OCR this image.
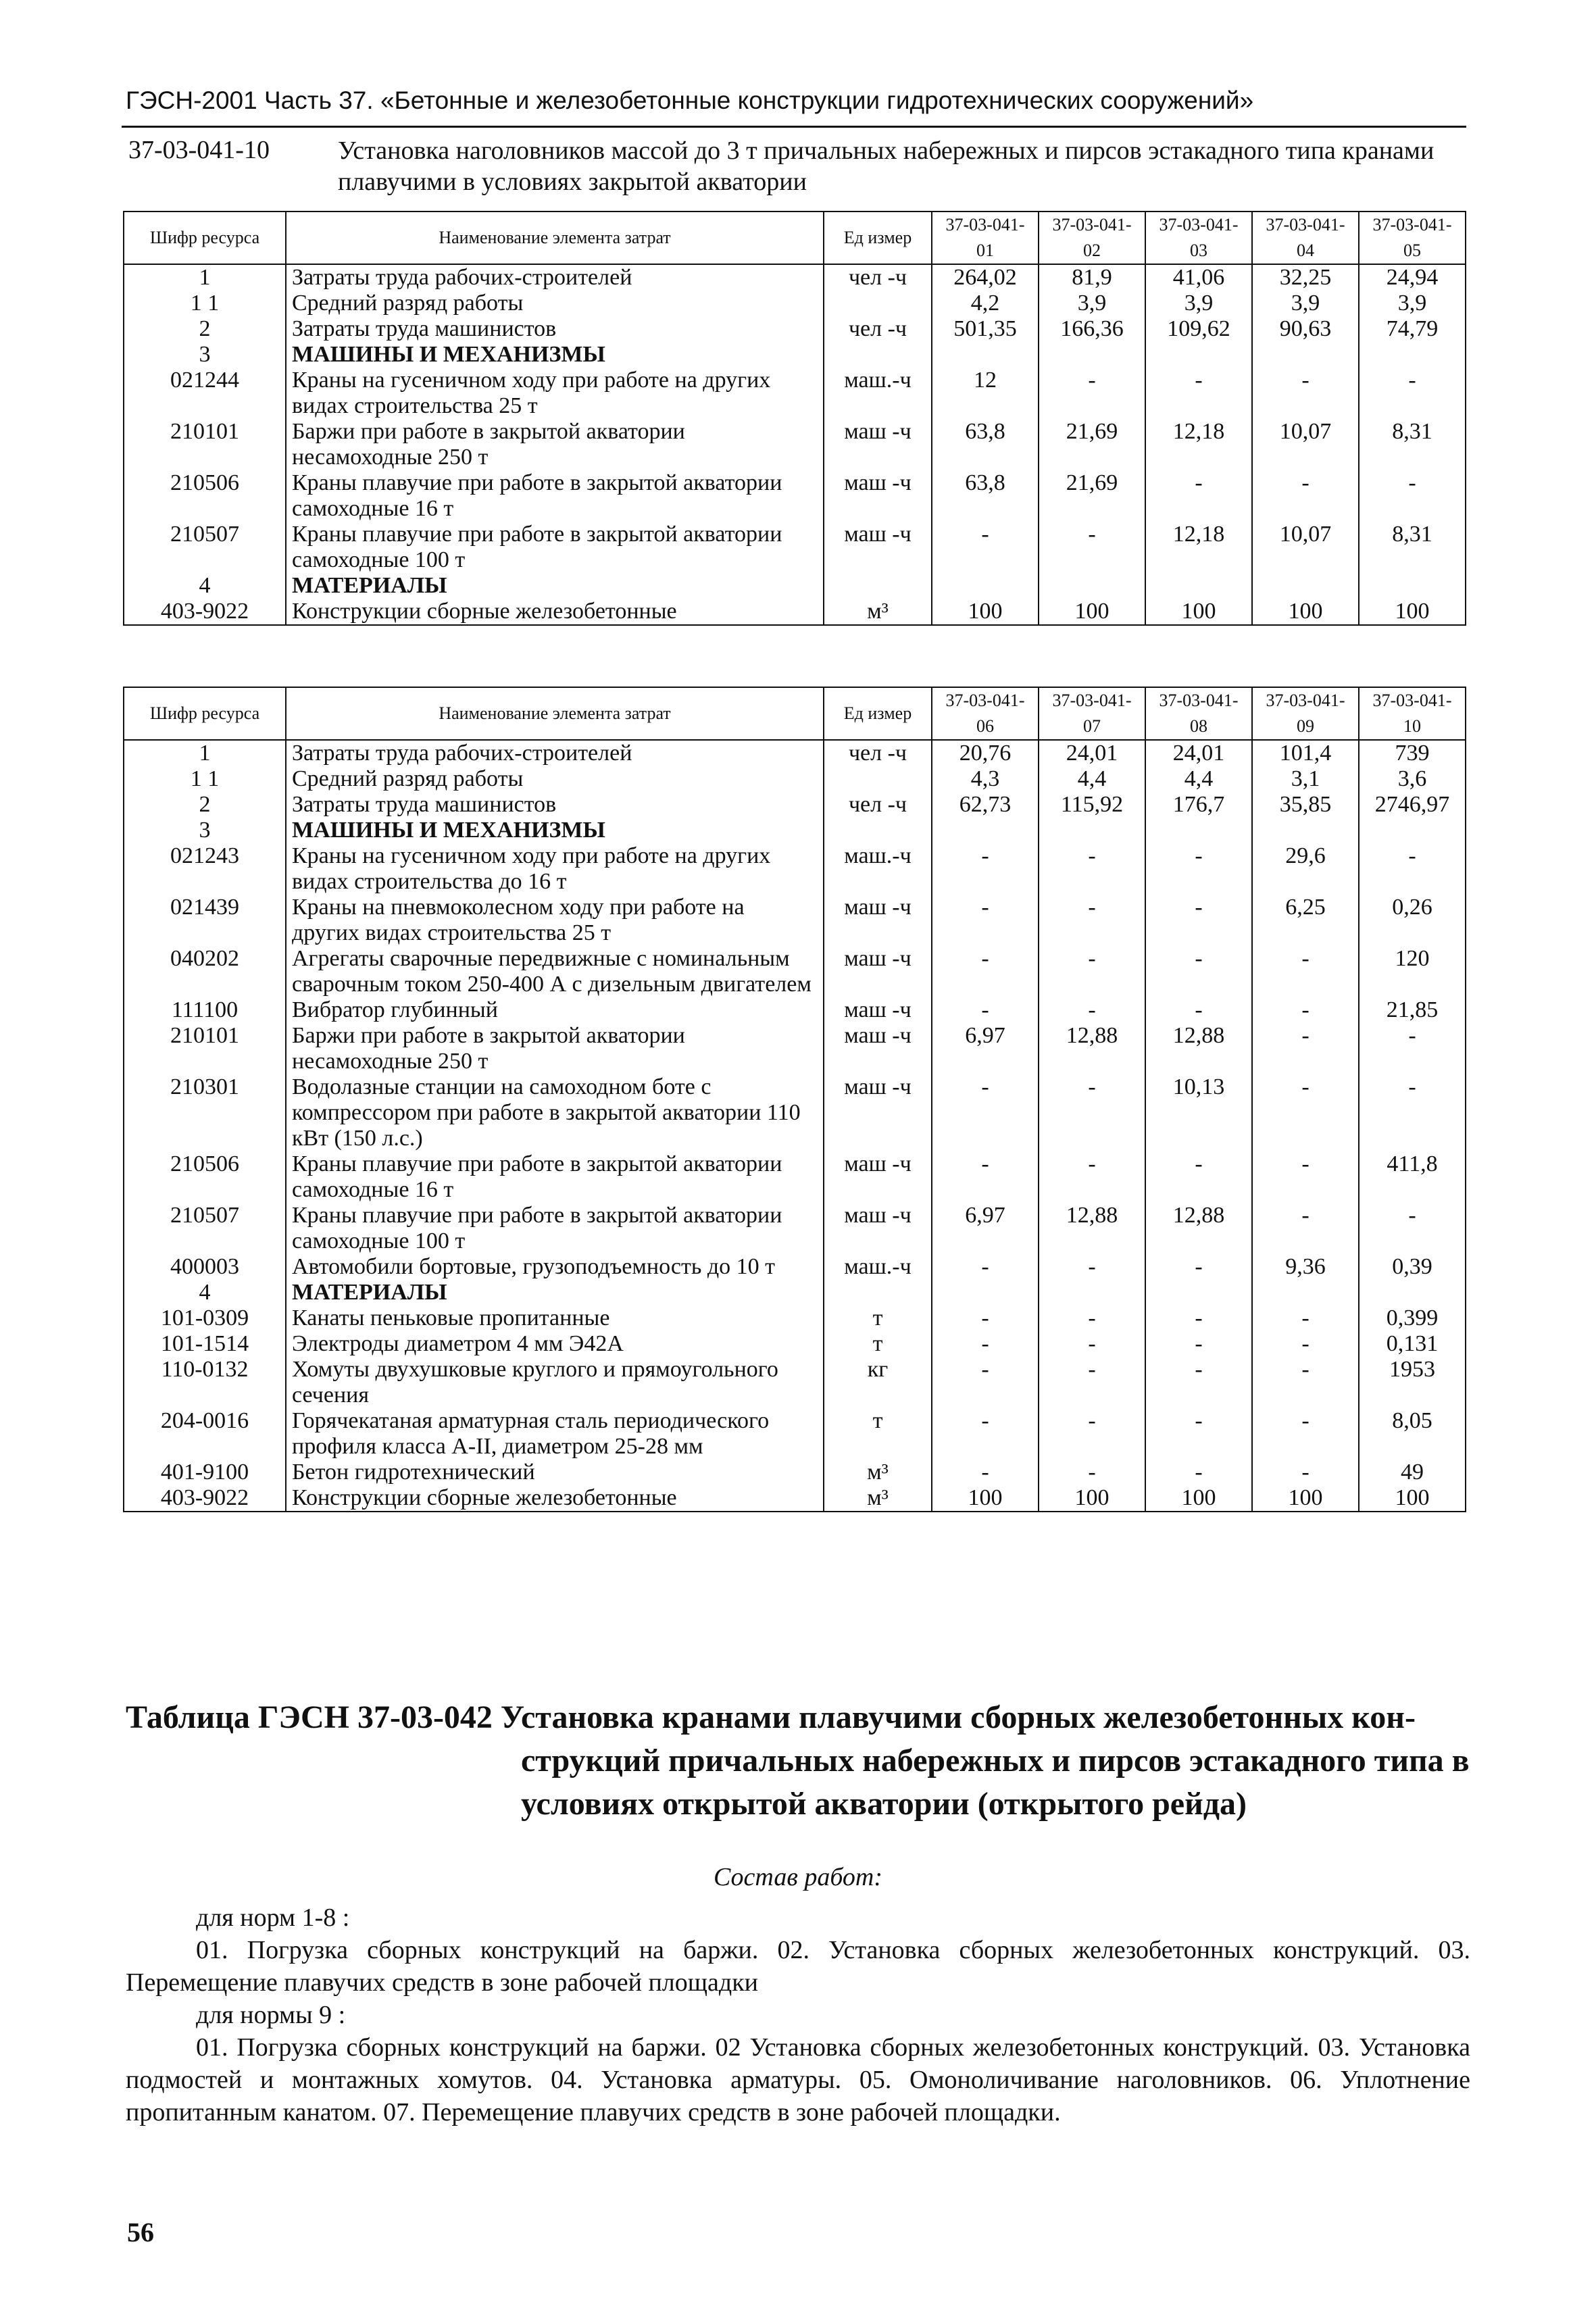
ГЭСН-2001 Часть 37. «Бетонные и железобетонные конструкции гидротехнических сооружений»
37-03-041-10	Установка наголовников массой до 3 т причальных набережных и пирсов эстакадного типа кранами плавучими в условиях закрытой акватории
Шифр ресурса	Наименование элемента затрат	Ед измер	37-03-041-01	37-03-041-02	37-03-041-03	37-03-041-04	37-03-041-05
1	Затраты труда рабочих-строителей	чел -ч	264,02	81,9	41,06	32,25	24,94
1 1	Средний разряд работы		4,2	3,9	3,9	3,9	3,9
2	Затраты труда машинистов	чел -ч	501,35	166,36	109,62	90,63	74,79
3	МАШИНЫ И МЕХАНИЗМЫ						
021244	Краны на гусеничном ходу при работе на других видах строительства 25 т	маш.-ч	12	-	-	-	-
210101	Баржи при работе в закрытой акватории несамоходные 250 т	маш -ч	63,8	21,69	12,18	10,07	8,31
210506	Краны плавучие при работе в закрытой акватории самоходные 16 т	маш -ч	63,8	21,69	-	-	-
210507	Краны плавучие при работе в закрытой акватории самоходные 100 т	маш -ч	-	-	12,18	10,07	8,31
4	МАТЕРИАЛЫ						
403-9022	Конструкции сборные железобетонные	м³	100	100	100	100	100
Шифр ресурса	Наименование элемента затрат	Ед измер	37-03-041-06	37-03-041-07	37-03-041-08	37-03-041-09	37-03-041-10
1	Затраты труда рабочих-строителей	чел -ч	20,76	24,01	24,01	101,4	739
1 1	Средний разряд работы		4,3	4,4	4,4	3,1	3,6
2	Затраты труда машинистов	чел -ч	62,73	115,92	176,7	35,85	2746,97
3	МАШИНЫ И МЕХАНИЗМЫ						
021243	Краны на гусеничном ходу при работе на других видах строительства до 16 т	маш.-ч	-	-	-	29,6	-
021439	Краны на пневмоколесном ходу при работе на других видах строительства 25 т	маш -ч	-	-	-	6,25	0,26
040202	Агрегаты сварочные передвижные с номинальным сварочным током 250-400 А с дизельным двигателем	маш -ч	-	-	-	-	120
111100	Вибратор глубинный	маш -ч	-	-	-	-	21,85
210101	Баржи при работе в закрытой акватории несамоходные 250 т	маш -ч	6,97	12,88	12,88	-	-
210301	Водолазные станции на самоходном боте с компрессором при работе в закрытой акватории 110 кВт (150 л.с.)	маш -ч	-	-	10,13	-	-
210506	Краны плавучие при работе в закрытой акватории самоходные 16 т	маш -ч	-	-	-	-	411,8
210507	Краны плавучие при работе в закрытой акватории самоходные 100 т	маш -ч	6,97	12,88	12,88	-	-
400003	Автомобили бортовые, грузоподъемность до 10 т	маш.-ч	-	-	-	9,36	0,39
4	МАТЕРИАЛЫ						
101-0309	Канаты пеньковые пропитанные	т	-	-	-	-	0,399
101-1514	Электроды диаметром 4 мм Э42А	т	-	-	-	-	0,131
110-0132	Хомуты двухушковые круглого и прямоугольного сечения	кг	-	-	-	-	1953
204-0016	Горячекатаная арматурная сталь периодического профиля класса А-II, диаметром 25-28 мм	т	-	-	-	-	8,05
401-9100	Бетон гидротехнический	м³	-	-	-	-	49
403-9022	Конструкции сборные железобетонные	м³	100	100	100	100	100
Таблица ГЭСН 37-03-042 Установка кранами плавучими сборных железобетонных кон-
струкций причальных набережных и пирсов эстакадного типа в
условиях открытой акватории (открытого рейда)
Состав работ:
для норм 1-8 :
01. Погрузка сборных конструкций на баржи. 02. Установка сборных железобетонных конструкций. 03. Перемещение плавучих средств в зоне рабочей площадки
для нормы 9 :
01. Погрузка сборных конструкций на баржи. 02 Установка сборных железобетонных конструкций. 03. Установка подмостей и монтажных хомутов. 04. Установка арматуры. 05. Омоноличивание наголовников. 06. Уплотнение пропитанным канатом. 07. Перемещение плавучих средств в зоне рабочей площадки.
56
